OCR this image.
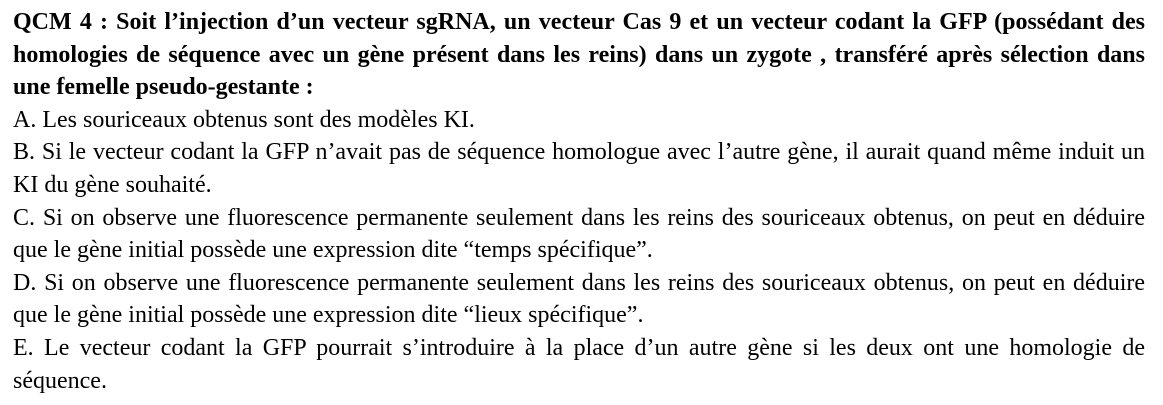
QCM 4 : Soit l’injection d’un vecteur sgRNA, un vecteur Cas 9 et un vecteur codant la GFP (possédant des homologies de séquence avec un gène présent dans les reins) dans un zygote , transféré après sélection dans une femelle pseudo-gestante :

A. Les souriceaux obtenus sont des modèles KI.

B. Si le vecteur codant la GFP n’avait pas de séquence homologue avec l’autre gène, il aurait quand même induit un KI du gène souhaité.

C. Si on observe une fluorescence permanente seulement dans les reins des souriceaux obtenus, on peut en déduire que le gène initial possède une expression dite “temps spécifique”.

D. Si on observe une fluorescence permanente seulement dans les reins des souriceaux obtenus, on peut en déduire que le gène initial possède une expression dite “lieux spécifique”.

E. Le vecteur codant la GFP pourrait s’introduire à la place d’un autre gène si les deux ont une homologie de séquence.
